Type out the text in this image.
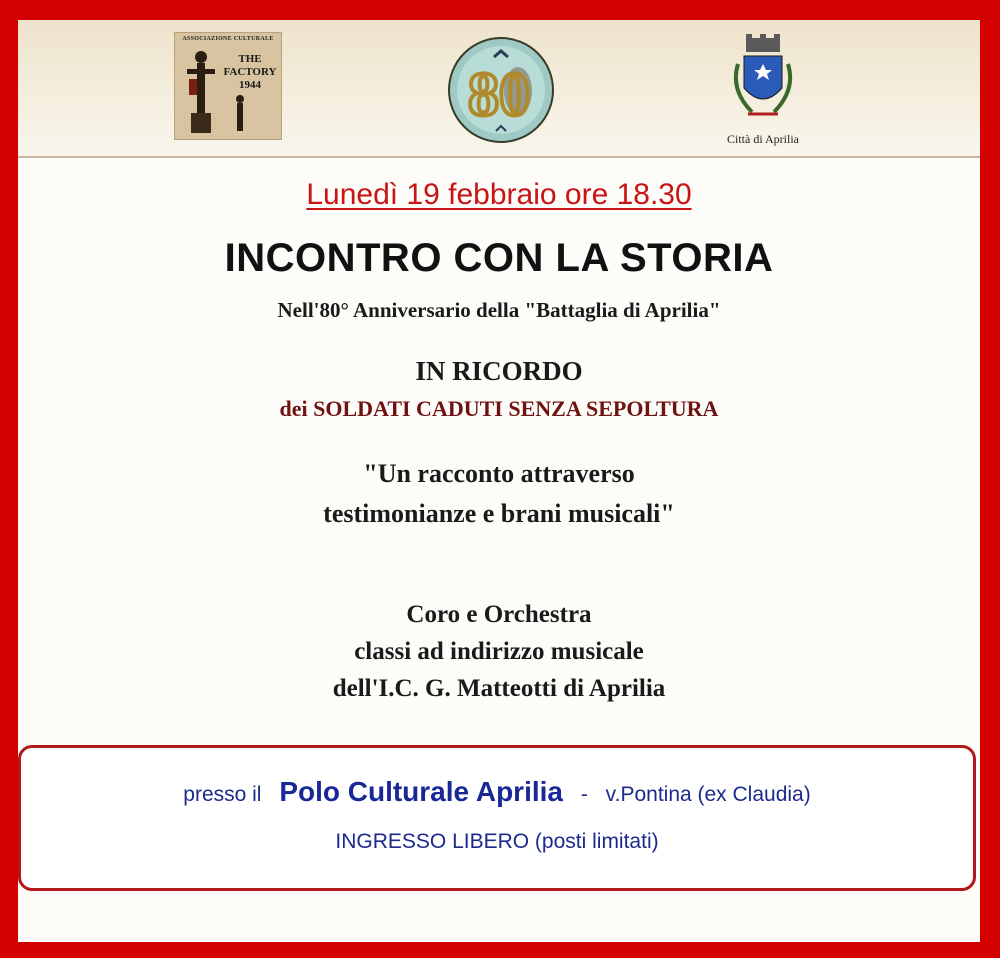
ASSOCIAZIONE CULTURALE
THE
FACTORY
1944	80
Città di Aprilia
Lunedì 19 febbraio ore 18.30
INCONTRO CON LA STORIA
Nell'80° Anniversario della "Battaglia di Aprilia"
IN RICORDO
dei SOLDATI CADUTI SENZA SEPOLTURA
"Un racconto attraverso
testimonianze e brani musicali"
Coro e Orchestra
classi ad indirizzo musicale
dell'I.C. G. Matteotti di Aprilia
presso il Polo Culturale Aprilia - v.Pontina (ex Claudia)
INGRESSO LIBERO (posti limitati)
